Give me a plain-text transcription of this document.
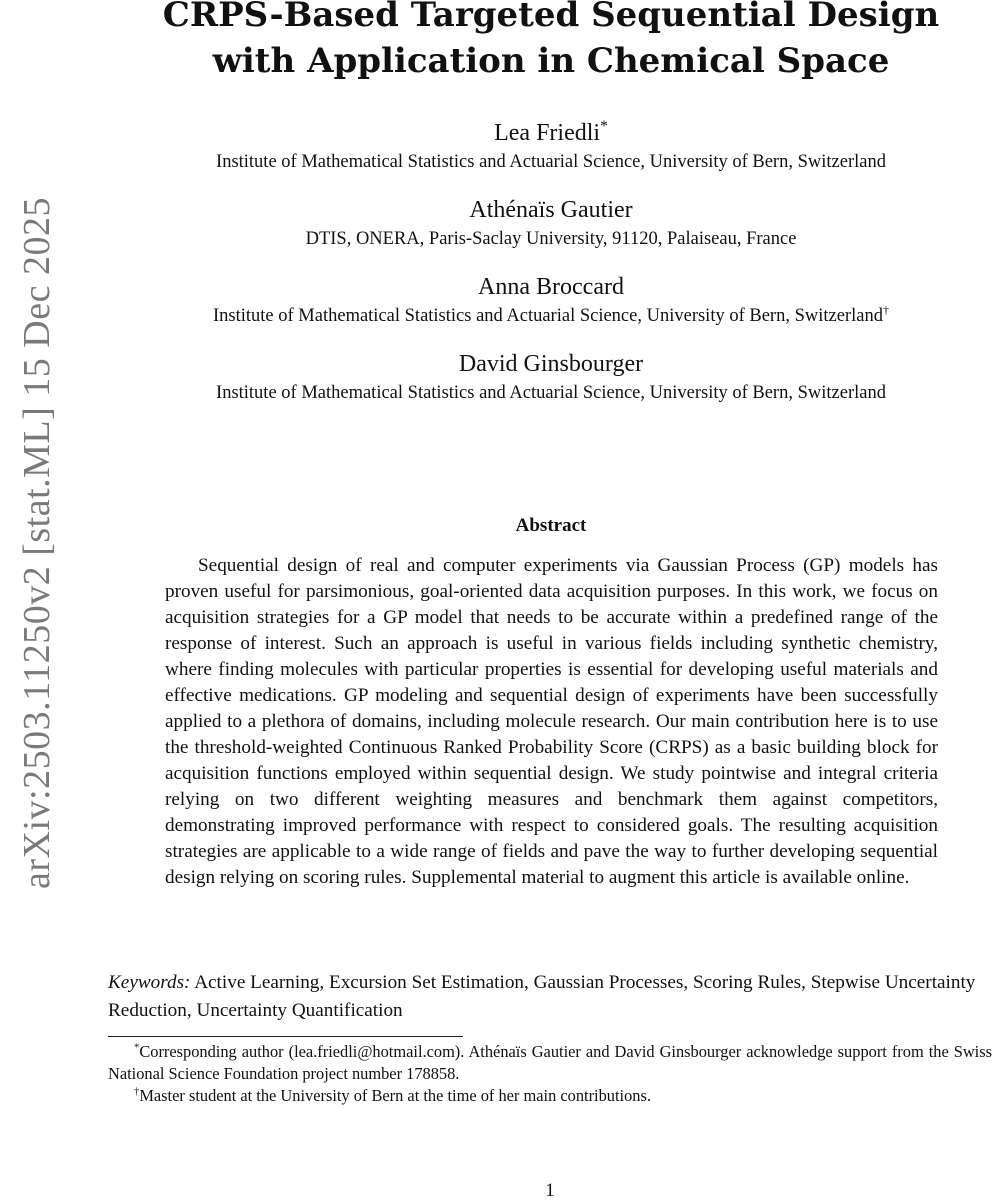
arXiv:2503.11250v2 [stat.ML] 15 Dec 2025
CRPS-Based Targeted Sequential Design
with Application in Chemical Space

Lea Friedli*

Institute of Mathematical Statistics and Actuarial Science, University of Bern, Switzerland

Athénaïs Gautier

DTIS, ONERA, Paris-Saclay University, 91120, Palaiseau, France

Anna Broccard

Institute of Mathematical Statistics and Actuarial Science, University of Bern, Switzerland†

David Ginsbourger

Institute of Mathematical Statistics and Actuarial Science, University of Bern, Switzerland

Abstract

Sequential design of real and computer experiments via Gaussian Process (GP) models has proven useful for parsimonious, goal-oriented data acquisition purposes. In this work, we focus on acquisition strategies for a GP model that needs to be accurate within a predefined range of the response of interest. Such an approach is useful in various fields including synthetic chemistry, where finding molecules with particular properties is essential for developing useful materials and effective medications. GP modeling and sequential design of experiments have been successfully applied to a plethora of domains, including molecule research. Our main contribution here is to use the threshold-weighted Continuous Ranked Probability Score (CRPS) as a basic building block for acquisition functions employed within sequential design. We study pointwise and integral criteria relying on two different weighting measures and benchmark them against competitors, demonstrating improved performance with respect to considered goals. The resulting acquisition strategies are applicable to a wide range of fields and pave the way to further developing sequential design relying on scoring rules. Supplemental material to augment this article is available online.

Keywords: Active Learning, Excursion Set Estimation, Gaussian Processes, Scoring Rules, Stepwise Uncertainty Reduction, Uncertainty Quantification

*Corresponding author (lea.friedli@hotmail.com). Athénaïs Gautier and David Ginsbourger acknowledge support from the Swiss National Science Foundation project number 178858.

†Master student at the University of Bern at the time of her main contributions.

1
